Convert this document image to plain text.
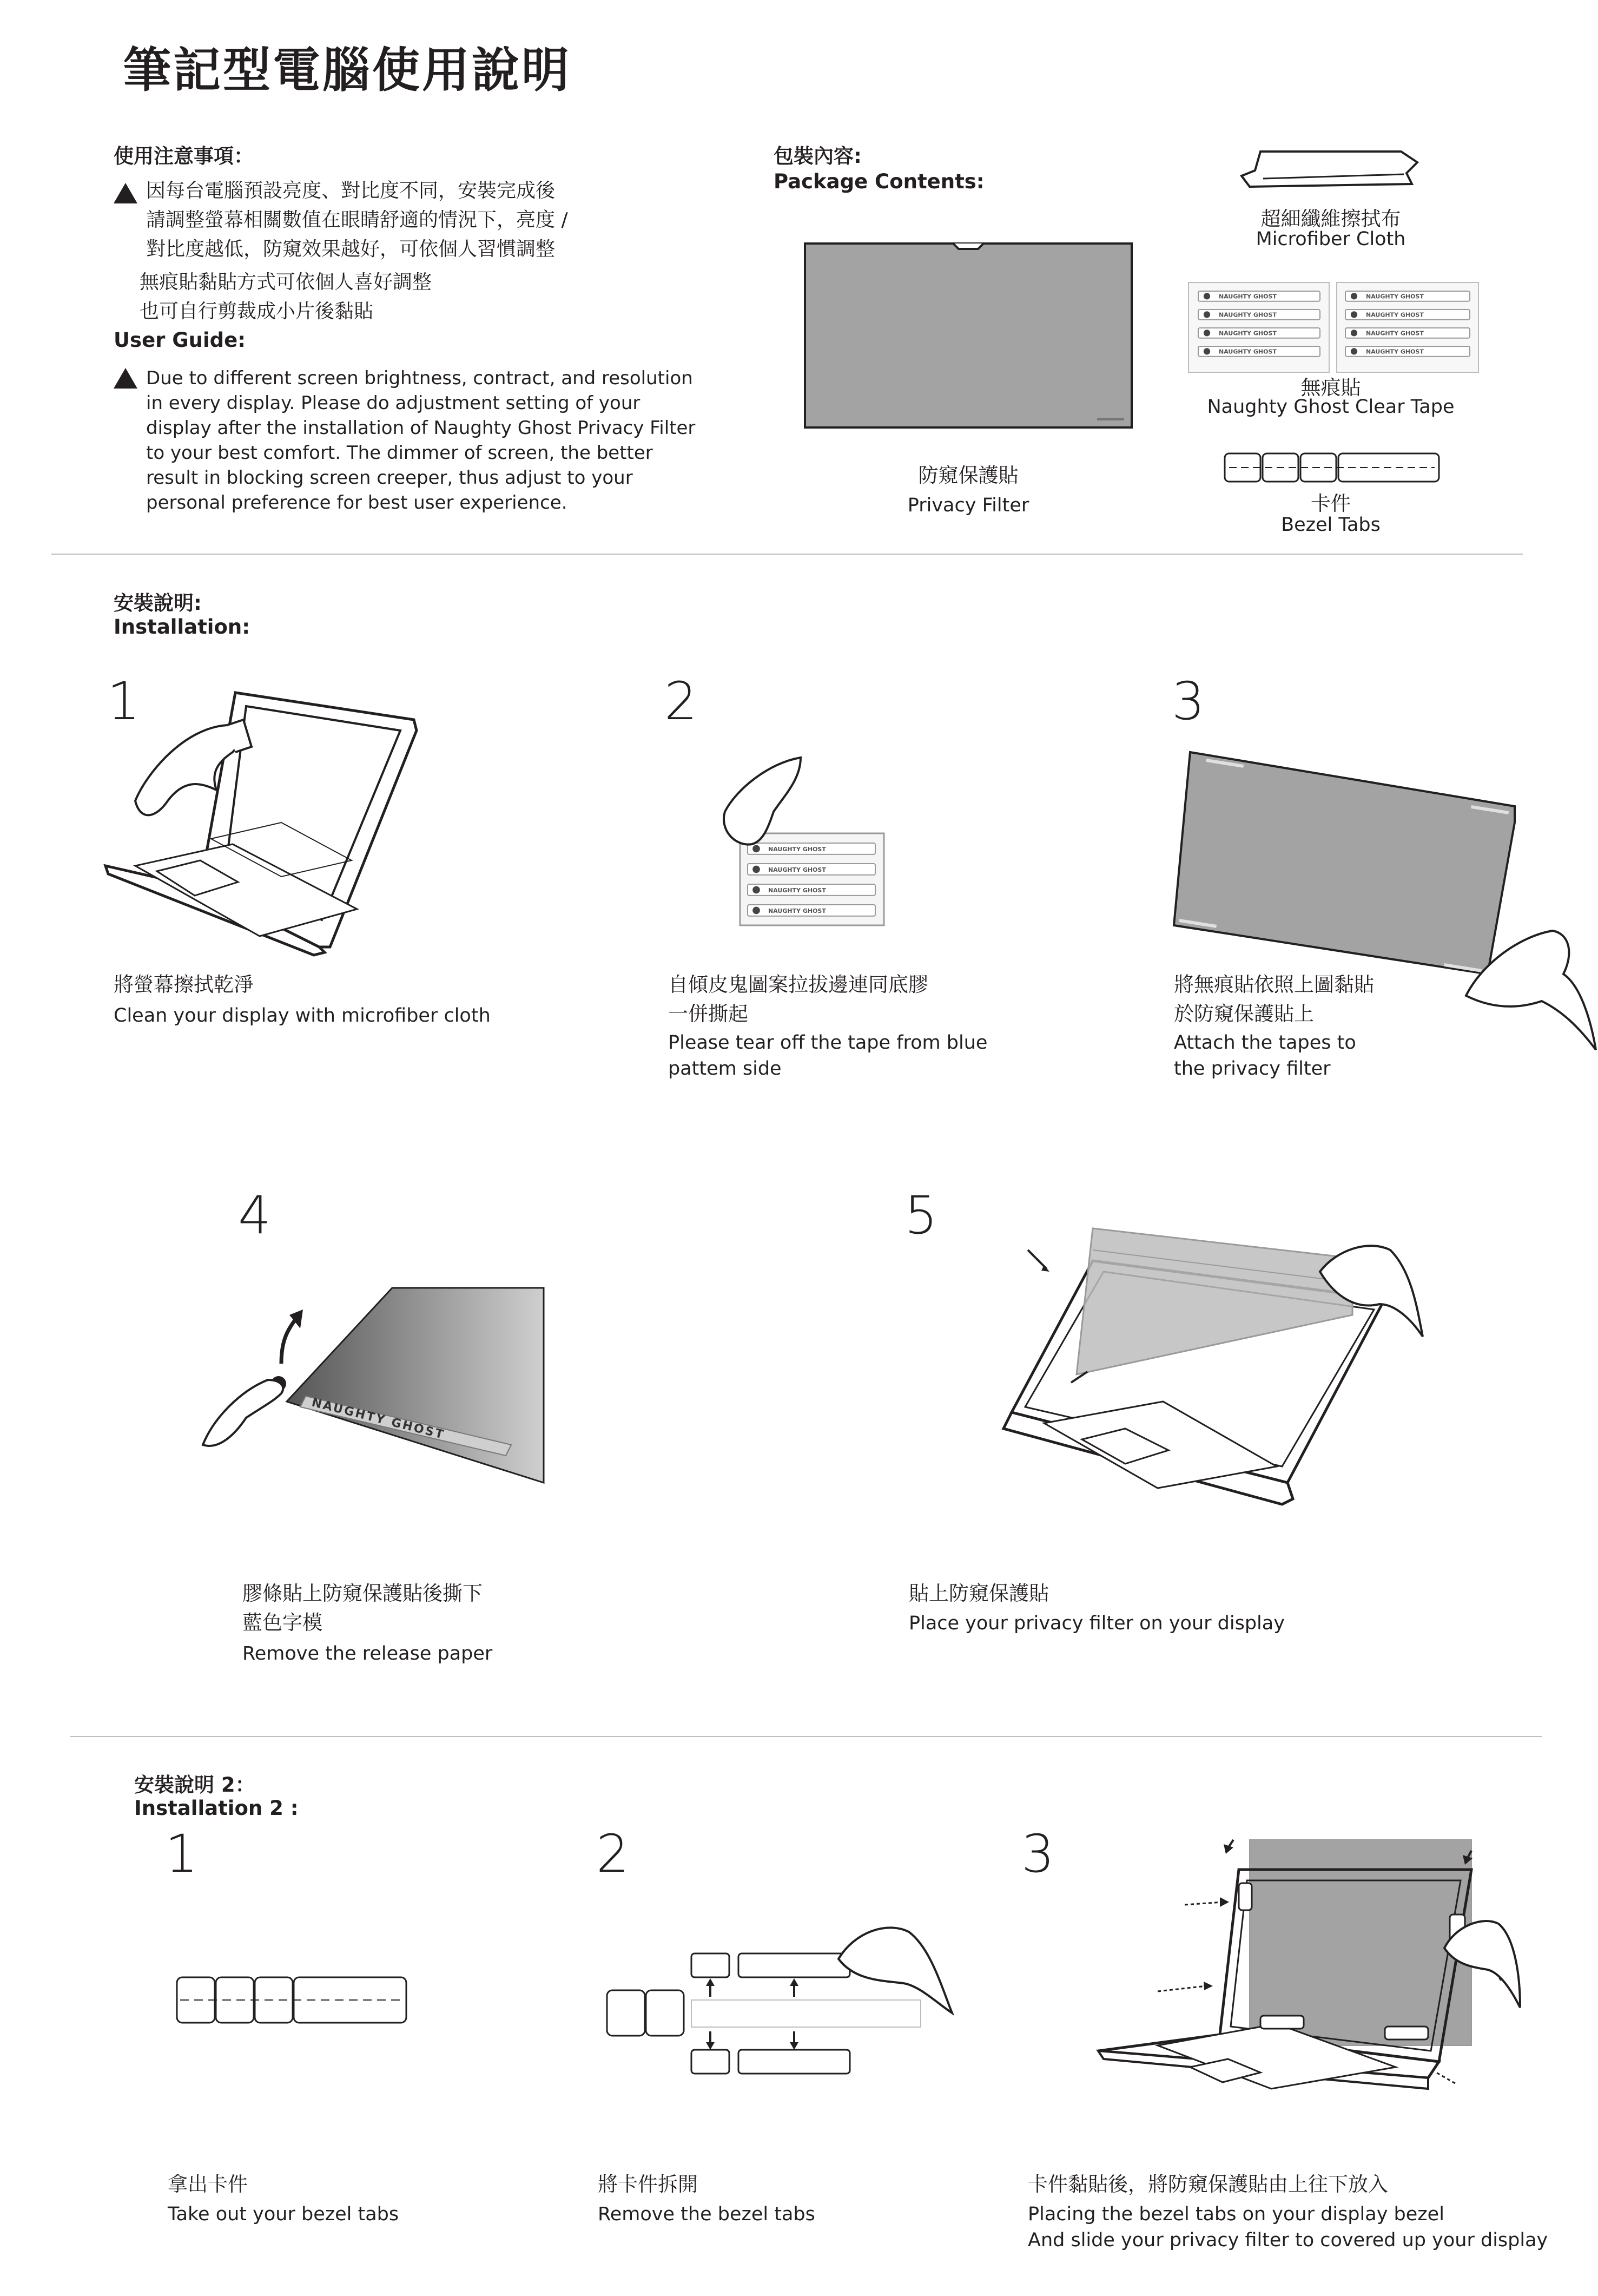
筆記型電腦使用說明
使用注意事項：
因每台電腦預設亮度、對比度不同，安裝完成後
請調整螢幕相關數值在眼睛舒適的情況下，亮度 /
對比度越低，防窺效果越好，可依個人習慣調整
無痕貼黏貼方式可依個人喜好調整
也可自行剪裁成小片後黏貼
User Guide:
Due to different screen brightness, contract, and resolution
in every display. Please do adjustment setting of your
display after the installation of Naughty Ghost Privacy Filter
to your best comfort. The dimmer of screen, the better
result in blocking screen creeper, thus adjust to your
personal preference for best user experience.
包裝內容:
Package Contents:
防窺保護貼
Privacy Filter
超細纖維擦拭布
Microfiber Cloth
NAUGHTY GHOST
NAUGHTY GHOST
NAUGHTY GHOST
NAUGHTY GHOST
NAUGHTY GHOST
NAUGHTY GHOST
NAUGHTY GHOST
NAUGHTY GHOST
無痕貼
Naughty Ghost Clear Tape
卡件
Bezel Tabs
安裝說明:
Installation:
1
將螢幕擦拭乾淨
Clean your display with microfiber cloth
2
NAUGHTY GHOST
NAUGHTY GHOST
NAUGHTY GHOST
NAUGHTY GHOST
自傾皮鬼圖案拉拔邊連同底膠
一併撕起
Please tear off the tape from blue
pattem side
3
將無痕貼依照上圖黏貼
於防窺保護貼上
Attach the tapes to
the privacy filter
4
NAUGHTY GHOST
膠條貼上防窺保護貼後撕下
藍色字模
Remove the release paper
5
貼上防窺保護貼
Place your privacy filter on your display
安裝說明 2：
Installation 2 :
1
拿出卡件
Take out your bezel tabs
2
將卡件拆開
Remove the bezel tabs
3
卡件黏貼後，將防窺保護貼由上往下放入
Placing the bezel tabs on your display bezel
And slide your privacy filter to covered up your display
